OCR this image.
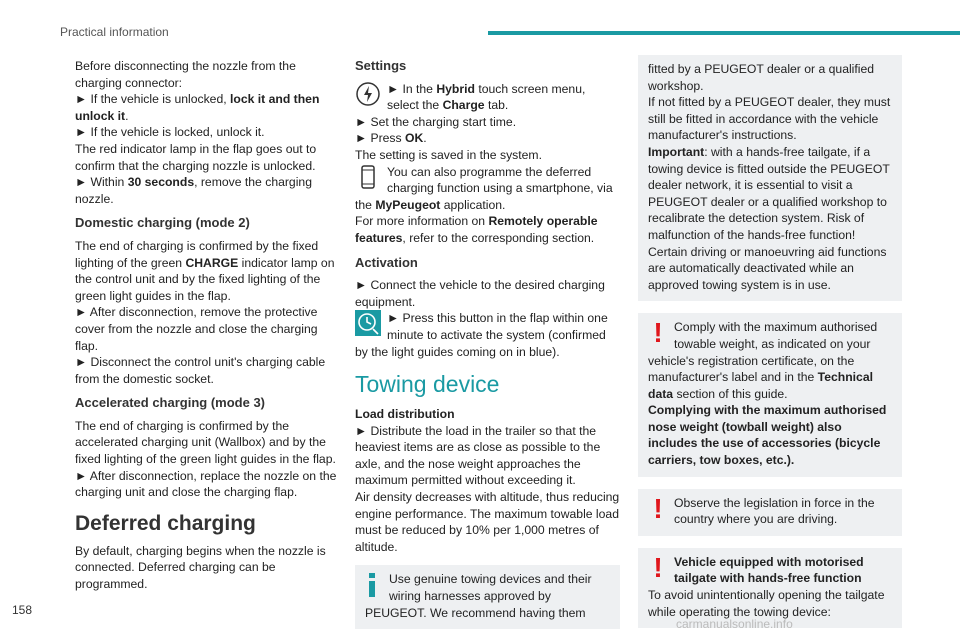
Practical information

Before disconnecting the nozzle from the charging connector:

► If the vehicle is unlocked, lock it and then unlock it.

► If the vehicle is locked, unlock it.

The red indicator lamp in the flap goes out to confirm that the charging nozzle is unlocked.

► Within 30 seconds, remove the charging nozzle.

Domestic charging (mode 2)

The end of charging is confirmed by the fixed lighting of the green CHARGE indicator lamp on the control unit and by the fixed lighting of the green light guides in the flap.

► After disconnection, remove the protective cover from the nozzle and close the charging flap.

► Disconnect the control unit's charging cable from the domestic socket.

Accelerated charging (mode 3)

The end of charging is confirmed by the accelerated charging unit (Wallbox) and by the fixed lighting of the green light guides in the flap.

► After disconnection, replace the nozzle on the charging unit and close the charging flap.

Deferred charging

By default, charging begins when the nozzle is connected. Deferred charging can be programmed.

Settings

► In the Hybrid touch screen menu, select the Charge tab.

► Set the charging start time.

► Press OK.

The setting is saved in the system.

You can also programme the deferred charging function using a smartphone, via the MyPeugeot application.

For more information on Remotely operable features, refer to the corresponding section.

Activation

► Connect the vehicle to the desired charging equipment.

► Press this button in the flap within one minute to activate the system (confirmed by the light guides coming on in blue).

Towing device

Load distribution

► Distribute the load in the trailer so that the heaviest items are as close as possible to the axle, and the nose weight approaches the maximum permitted without exceeding it.

Air density decreases with altitude, thus reducing engine performance. The maximum towable load must be reduced by 10% per 1,000 metres of altitude.

Use genuine towing devices and their wiring harnesses approved by PEUGEOT. We recommend having them

fitted by a PEUGEOT dealer or a qualified workshop.

If not fitted by a PEUGEOT dealer, they must still be fitted in accordance with the vehicle manufacturer's instructions.

Important: with a hands-free tailgate, if a towing device is fitted outside the PEUGEOT dealer network, it is essential to visit a PEUGEOT dealer or a qualified workshop to recalibrate the detection system. Risk of malfunction of the hands-free function!

Certain driving or manoeuvring aid functions are automatically deactivated while an approved towing system is in use.

! Comply with the maximum authorised towable weight, as indicated on your vehicle's registration certificate, on the manufacturer's label and in the Technical data section of this guide.

Complying with the maximum authorised nose weight (towball weight) also includes the use of accessories (bicycle carriers, tow boxes, etc.).

! Observe the legislation in force in the country where you are driving.

! Vehicle equipped with motorised tailgate with hands-free function

To avoid unintentionally opening the tailgate while operating the towing device:

158
carmanualsonline.info
